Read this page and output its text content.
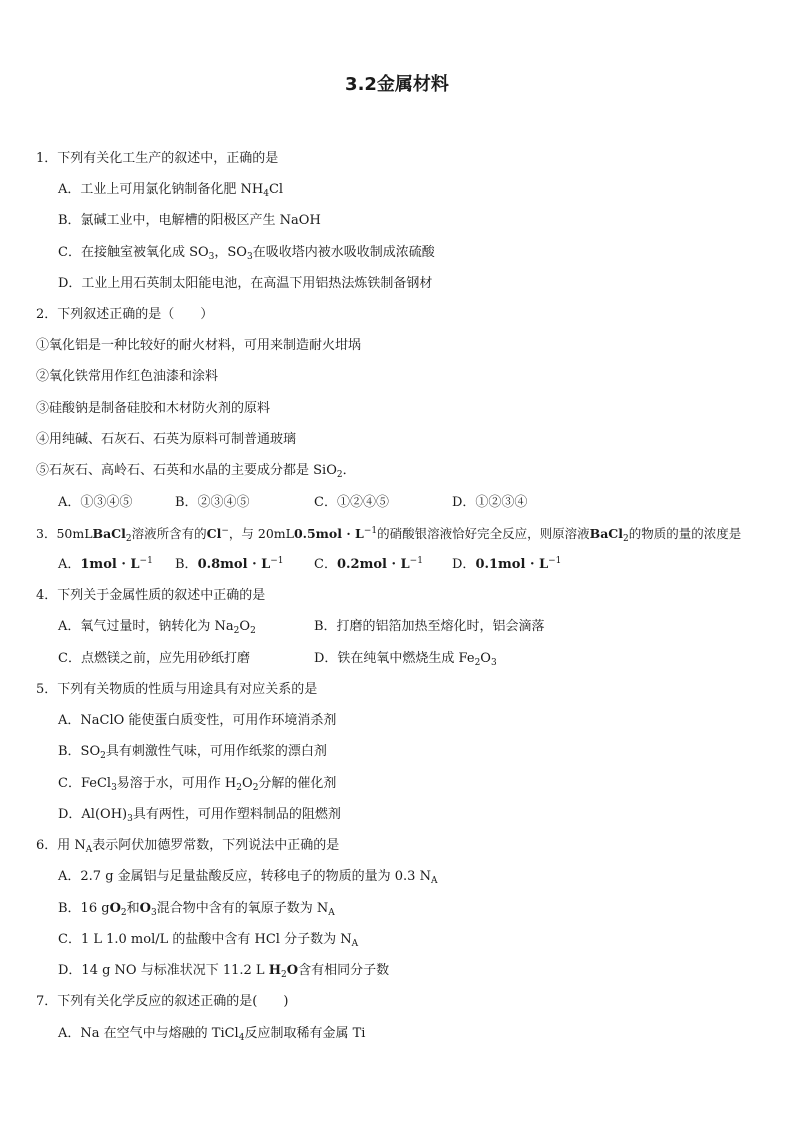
3.2金属材料
1．下列有关化工生产的叙述中，正确的是
A．工业上可用氯化钠制备化肥 $NH_4Cl$
B．氯碱工业中，电解槽的阳极区产生 NaOH
C．在接触室被氧化成 $SO_3$，$SO_3$在吸收塔内被水吸收制成浓硫酸
D．工业上用石英制太阳能电池，在高温下用铝热法炼铁制备钢材
2．下列叙述正确的是（　　）
①氧化铝是一种比较好的耐火材料，可用来制造耐火坩埚
②氧化铁常用作红色油漆和涂料
③硅酸钠是制备硅胶和木材防火剂的原料
④用纯碱、石灰石、石英为原料可制普通玻璃
⑤石灰石、高岭石、石英和水晶的主要成分都是 SiO$_2$．
A．①③④⑤	B．②③④⑤	C．①②④⑤	D．①②③④
3．50mLBaCl$_2$溶液所含有的Cl−，与 $20mL0.5mol \cdot L^{-1}$的硝酸银溶液恰好完全反应，则原溶液BaCl$_2$的物质的量的浓度是
A．$1mol \cdot L^{-1}$ B．$0.8mol \cdot L^{-1}$ C．$0.2mol \cdot L^{-1}$ D．$0.1mol \cdot L^{-1}$
4．下列关于金属性质的叙述中正确的是
A．氧气过量时，钠转化为 $Na_2O_2$	B．打磨的铝箔加热至熔化时，铝会滴落
C．点燃镁之前，应先用砂纸打磨	D．铁在纯氧中燃烧生成 $Fe_2O_3$
5．下列有关物质的性质与用途具有对应关系的是
A．NaClO 能使蛋白质变性，可用作环境消杀剂
B．$SO_2$具有刺激性气味，可用作纸浆的漂白剂
C．FeCl$_3$易溶于水，可用作 $H_2O_2$分解的催化剂
D．$Al(OH)_3$具有两性，可用作塑料制品的阻燃剂
6．用 $N_A$表示阿伏加德罗常数，下列说法中正确的是
A．2.7 g 金属铝与足量盐酸反应，转移电子的物质的量为 0.3 $N_A$
B．16 $gO_2$和$O_3$混合物中含有的氧原子数为 $N_A$
C．1 L 1.0 mol/L 的盐酸中含有 HCl 分子数为 $N_A$
D．14 g NO 与标准状况下 11.2 L $H_2O$含有相同分子数
7．下列有关化学反应的叙述正确的是(　　)
A．Na 在空气中与熔融的 TiCl$_4$反应制取稀有金属 Ti
